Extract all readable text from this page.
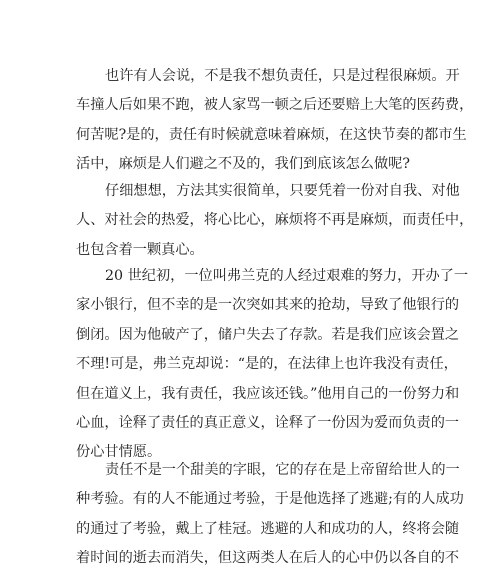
也许有人会说，不是我不想负责任，只是过程很麻烦。开
车撞人后如果不跑，被人家骂一顿之后还要赔上大笔的医药费，
何苦呢?是的，责任有时候就意味着麻烦，在这快节奏的都市生
活中，麻烦是人们避之不及的，我们到底该怎么做呢?
仔细想想，方法其实很简单，只要凭着一份对自我、对他
人、对社会的热爱，将心比心，麻烦将不再是麻烦，而责任中，
也包含着一颗真心。
20 世纪初，一位叫弗兰克的人经过艰难的努力，开办了一
家小银行，但不幸的是一次突如其来的抢劫，导致了他银行的
倒闭。因为他破产了，储户失去了存款。若是我们应该会置之
不理!可是，弗兰克却说：“是的，在法律上也许我没有责任，
但在道义上，我有责任，我应该还钱。”他用自己的一份努力和
心血，诠释了责任的真正意义，诠释了一份因为爱而负责的一
份心甘情愿。
责任不是一个甜美的字眼，它的存在是上帝留给世人的一
种考验。有的人不能通过考验，于是他选择了逃避;有的人成功
的通过了考验，戴上了桂冠。逃避的人和成功的人，终将会随
着时间的逝去而消失，但这两类人在后人的心中仍以各自的不
